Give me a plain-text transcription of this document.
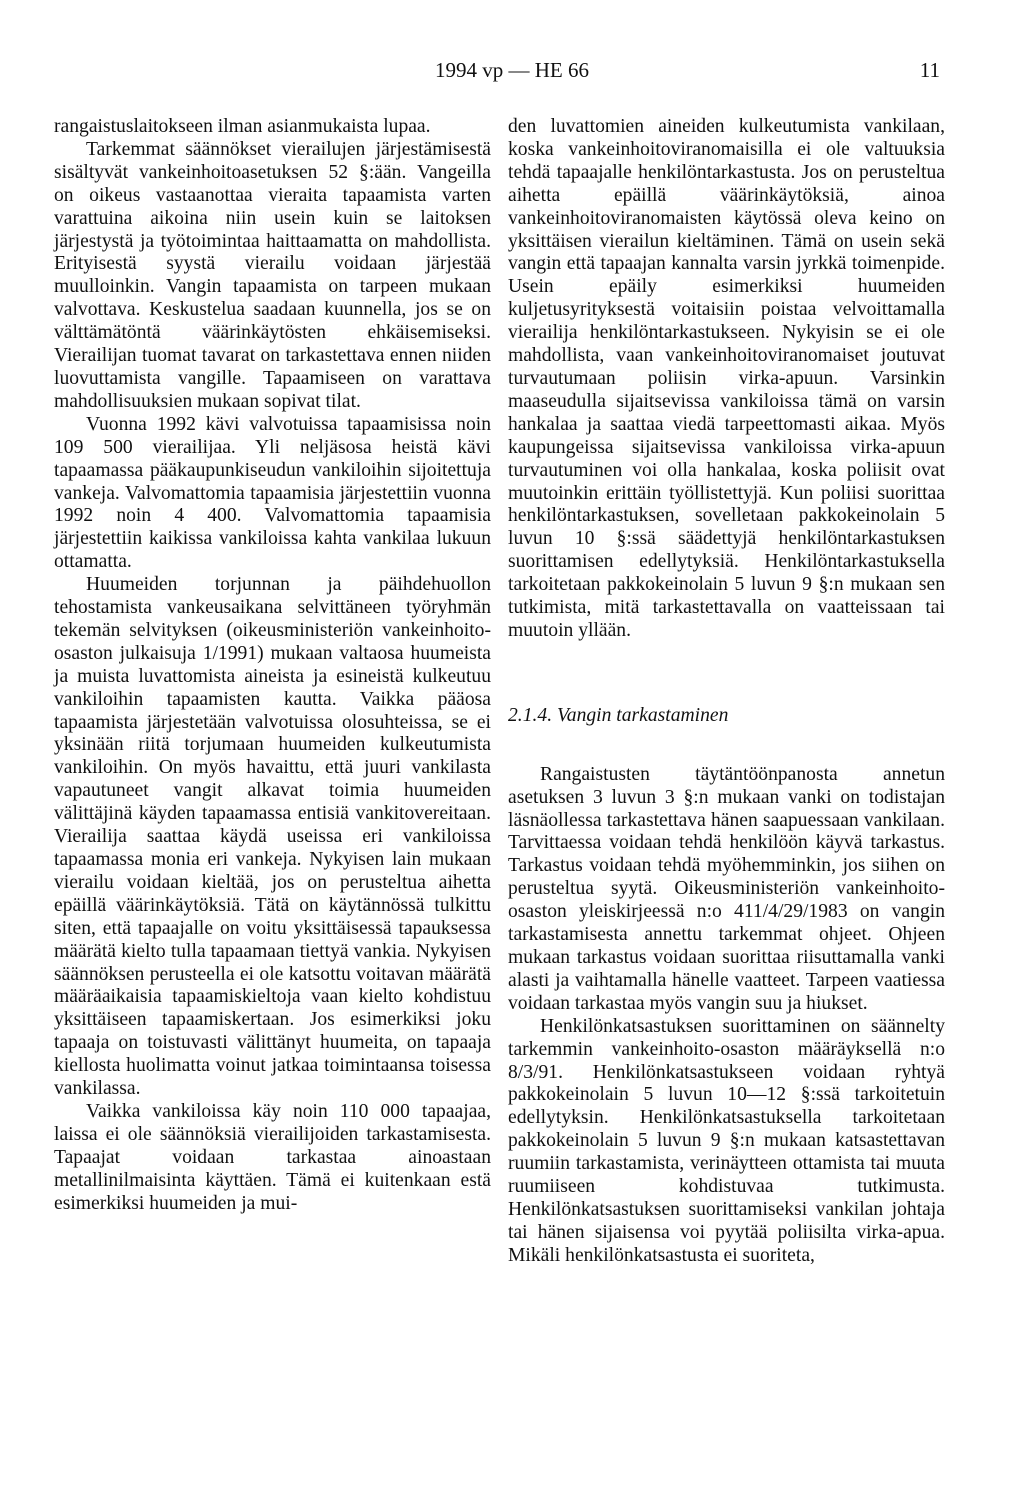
1994 vp — HE 66	11

rangaistuslaitokseen ilman asianmukaista lupaa.

Tarkemmat säännökset vierailujen järjestämisestä sisältyvät vankeinhoitoasetuksen 52 §:ään. Vangeilla on oikeus vastaanottaa vieraita tapaamista varten varattuina aikoina niin usein kuin se laitoksen järjestystä ja työtoimintaa haittaamatta on mahdollista. Erityisestä syystä vierailu voidaan järjestää muulloinkin. Vangin tapaamista on tarpeen mukaan valvottava. Keskustelua saadaan kuunnella, jos se on välttämätöntä väärinkäytösten ehkäisemiseksi. Vierailijan tuomat tavarat on tarkastettava ennen niiden luovuttamista vangille. Tapaamiseen on varattava mahdollisuuksien mukaan sopivat tilat.

Vuonna 1992 kävi valvotuissa tapaamisissa noin 109 500 vierailijaa. Yli neljäsosa heistä kävi tapaamassa pääkaupunkiseudun vankiloihin sijoitettuja vankeja. Valvomattomia tapaamisia järjestettiin vuonna 1992 noin 4 400. Valvomattomia tapaamisia järjestettiin kaikissa vankiloissa kahta vankilaa lukuun ottamatta.

Huumeiden torjunnan ja päihdehuollon tehostamista vankeusaikana selvittäneen työryhmän tekemän selvityksen (oikeusministeriön vankeinhoito-osaston julkaisuja 1/1991) mukaan valtaosa huumeista ja muista luvattomista aineista ja esineistä kulkeutuu vankiloihin tapaamisten kautta. Vaikka pääosa tapaamista järjestetään valvotuissa olosuhteissa, se ei yksinään riitä torjumaan huumeiden kulkeutumista vankiloihin. On myös havaittu, että juuri vankilasta vapautuneet vangit alkavat toimia huumeiden välittäjinä käyden tapaamassa entisiä vankitovereitaan. Vierailija saattaa käydä useissa eri vankiloissa tapaamassa monia eri vankeja. Nykyisen lain mukaan vierailu voidaan kieltää, jos on perusteltua aihetta epäillä väärinkäytöksiä. Tätä on käytännössä tulkittu siten, että tapaajalle on voitu yksittäisessä tapauksessa määrätä kielto tulla tapaamaan tiettyä vankia. Nykyisen säännöksen perusteella ei ole katsottu voitavan määrätä määräaikaisia tapaamiskieltoja vaan kielto kohdistuu yksittäiseen tapaamiskertaan. Jos esimerkiksi joku tapaaja on toistuvasti välittänyt huumeita, on tapaaja kiellosta huolimatta voinut jatkaa toimintaansa toisessa vankilassa.

Vaikka vankiloissa käy noin 110 000 tapaajaa, laissa ei ole säännöksiä vierailijoiden tarkastamisesta. Tapaajat voidaan tarkastaa ainoastaan metallinilmaisinta käyttäen. Tämä ei kuitenkaan estä esimerkiksi huumeiden ja mui-

den luvattomien aineiden kulkeutumista vankilaan, koska vankeinhoitoviranomaisilla ei ole valtuuksia tehdä tapaajalle henkilöntarkastusta. Jos on perusteltua aihetta epäillä väärinkäytöksiä, ainoa vankeinhoitoviranomaisten käytössä oleva keino on yksittäisen vierailun kieltäminen. Tämä on usein sekä vangin että tapaajan kannalta varsin jyrkkä toimenpide. Usein epäily esimerkiksi huumeiden kuljetusyrityksestä voitaisiin poistaa velvoittamalla vierailija henkilöntarkastukseen. Nykyisin se ei ole mahdollista, vaan vankeinhoitoviranomaiset joutuvat turvautumaan poliisin virka-apuun. Varsinkin maaseudulla sijaitsevissa vankiloissa tämä on varsin hankalaa ja saattaa viedä tarpeettomasti aikaa. Myös kaupungeissa sijaitsevissa vankiloissa virka-apuun turvautuminen voi olla hankalaa, koska poliisit ovat muutoinkin erittäin työllistettyjä. Kun poliisi suorittaa henkilöntarkastuksen, sovelletaan pakkokeinolain 5 luvun 10 §:ssä säädettyjä henkilöntarkastuksen suorittamisen edellytyksiä. Henkilöntarkastuksella tarkoitetaan pakkokeinolain 5 luvun 9 §:n mukaan sen tutkimista, mitä tarkastettavalla on vaatteissaan tai muutoin yllään.

2.1.4. Vangin tarkastaminen

Rangaistusten täytäntöönpanosta annetun asetuksen 3 luvun 3 §:n mukaan vanki on todistajan läsnäollessa tarkastettava hänen saapuessaan vankilaan. Tarvittaessa voidaan tehdä henkilöön käyvä tarkastus. Tarkastus voidaan tehdä myöhemminkin, jos siihen on perusteltua syytä. Oikeusministeriön vankeinhoito-osaston yleiskirjeessä n:o 411/4/29/1983 on vangin tarkastamisesta annettu tarkemmat ohjeet. Ohjeen mukaan tarkastus voidaan suorittaa riisuttamalla vanki alasti ja vaihtamalla hänelle vaatteet. Tarpeen vaatiessa voidaan tarkastaa myös vangin suu ja hiukset.

Henkilönkatsastuksen suorittaminen on säännelty tarkemmin vankeinhoito-osaston määräyksellä n:o 8/3/91. Henkilönkatsastukseen voidaan ryhtyä pakkokeinolain 5 luvun 10—12 §:ssä tarkoitetuin edellytyksin. Henkilönkatsastuksella tarkoitetaan pakkokeinolain 5 luvun 9 §:n mukaan katsastettavan ruumiin tarkastamista, verinäytteen ottamista tai muuta ruumiiseen kohdistuvaa tutkimusta. Henkilönkatsastuksen suorittamiseksi vankilan johtaja tai hänen sijaisensa voi pyytää poliisilta virka-apua. Mikäli henkilönkatsastusta ei suoriteta,
